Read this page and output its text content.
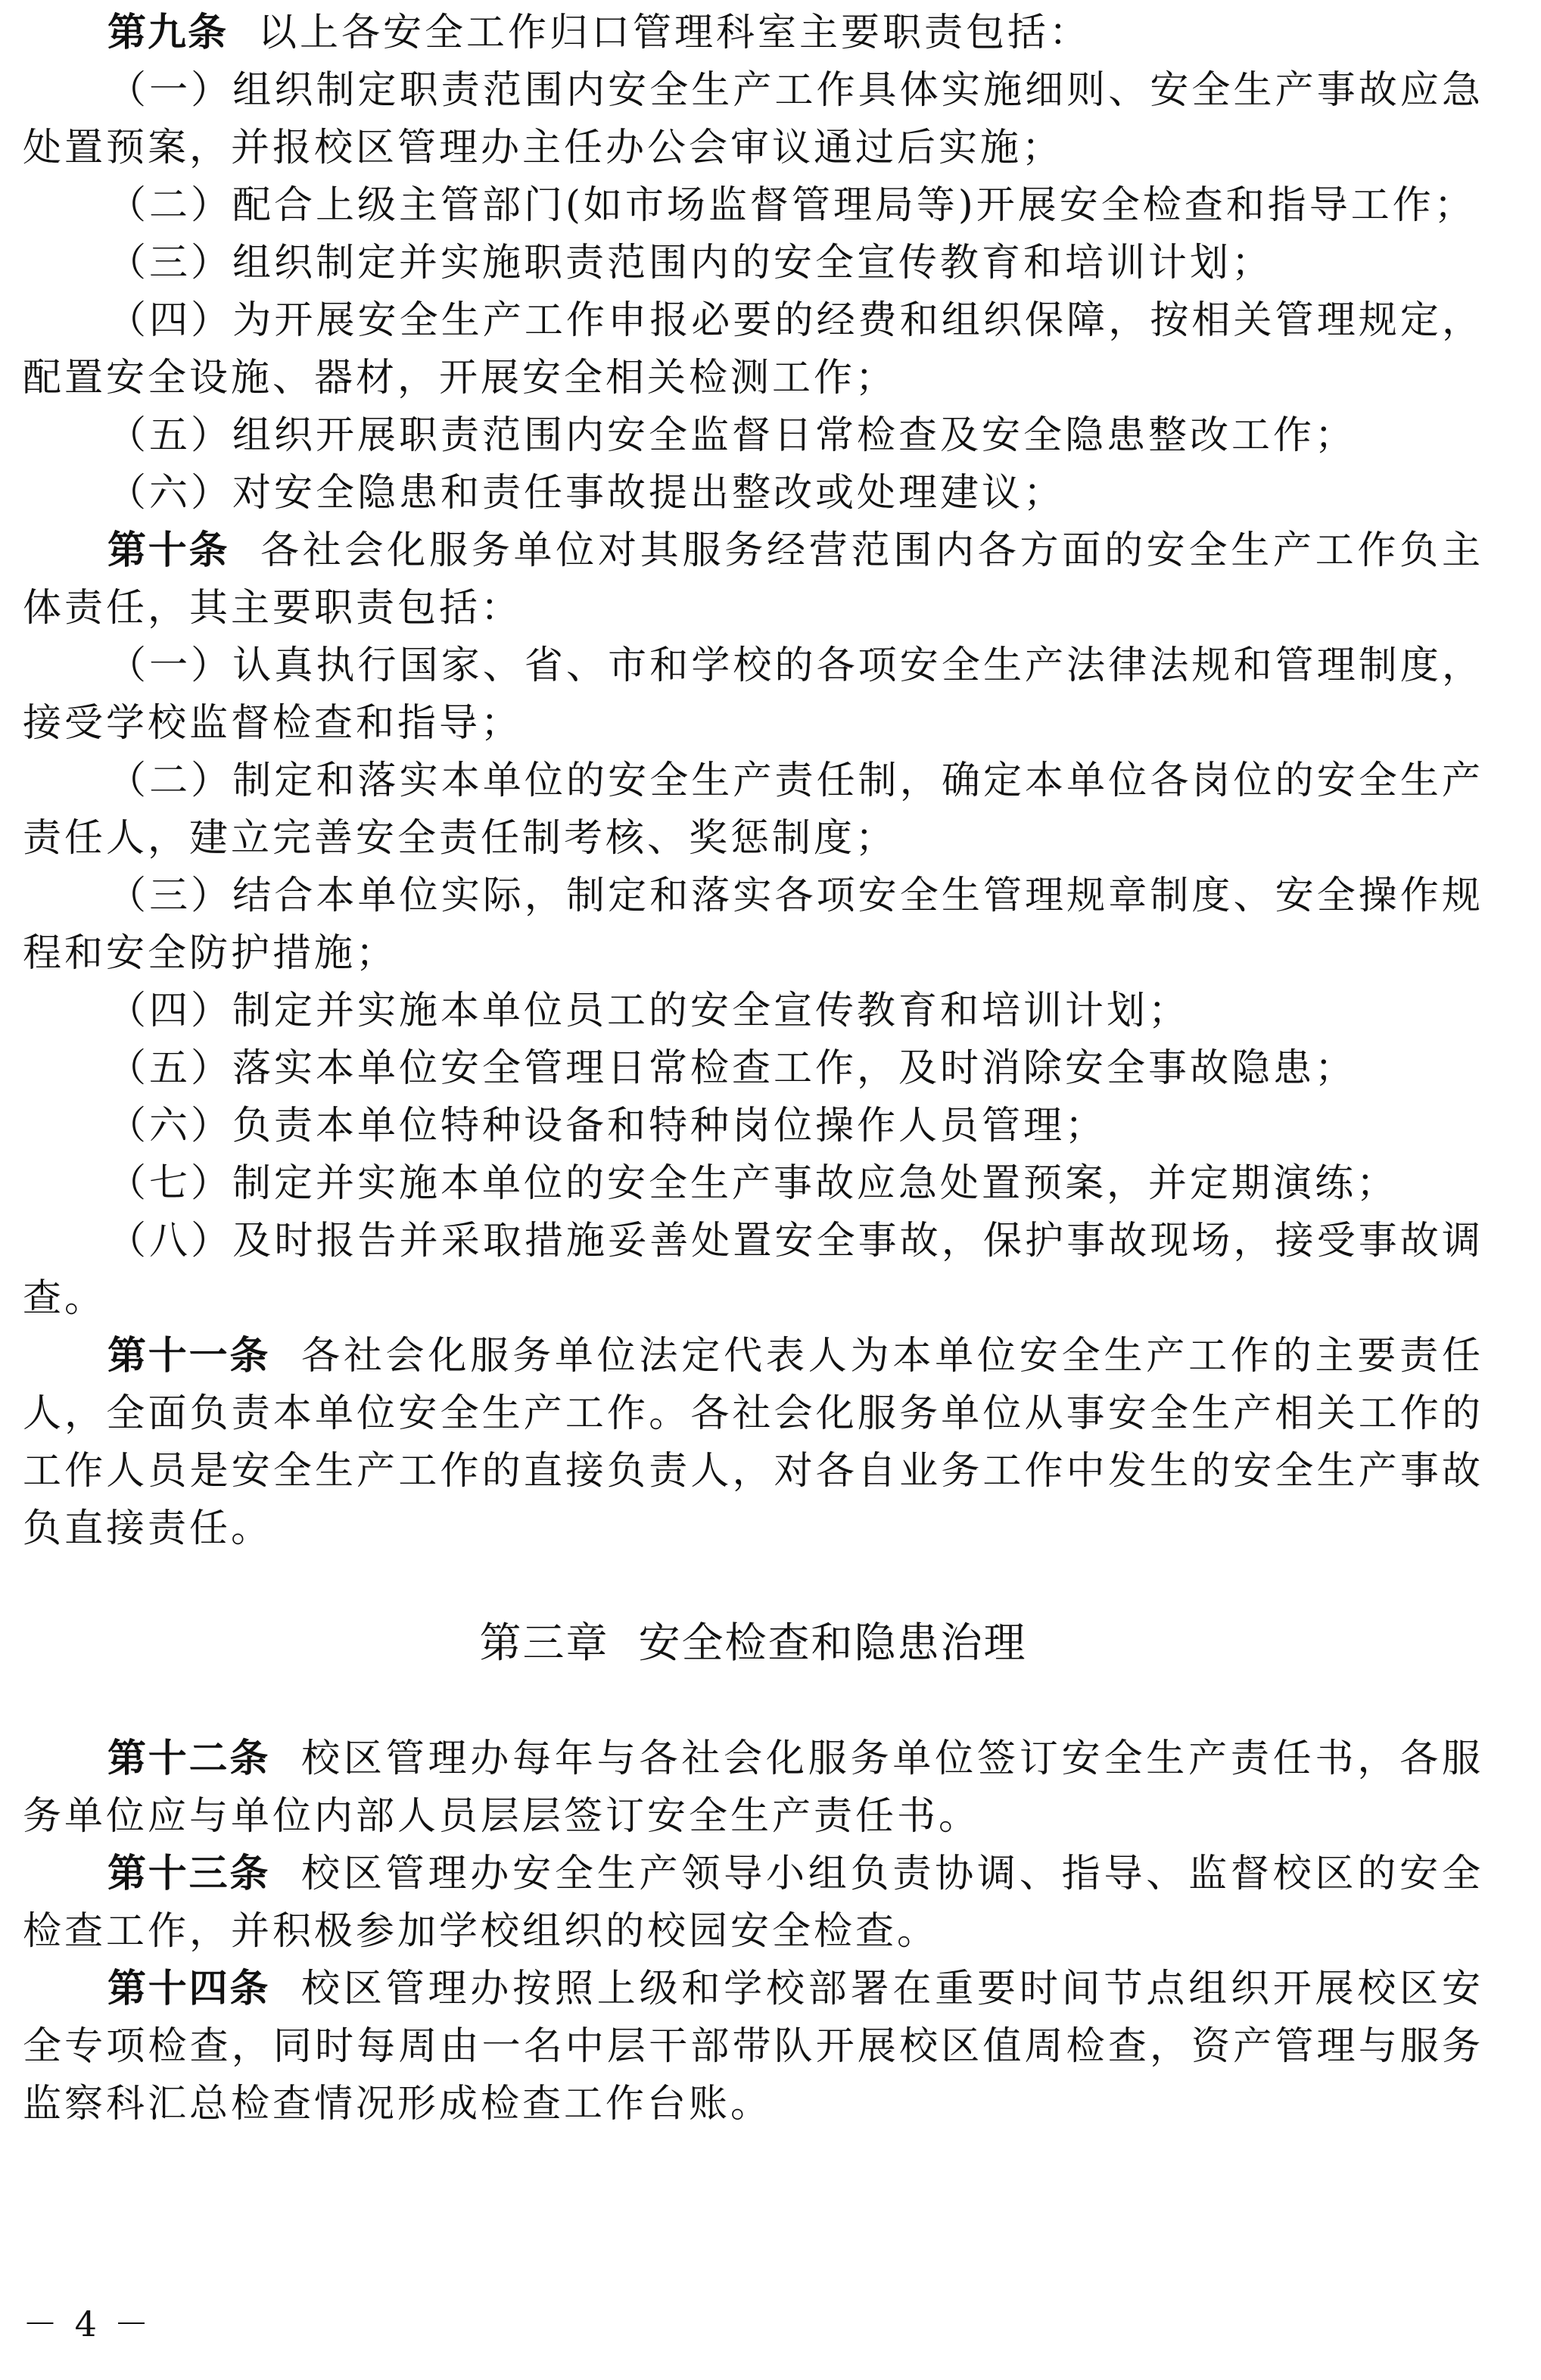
第九条 以上各安全工作归口管理科室主要职责包括：

（一）组织制定职责范围内安全生产工作具体实施细则、安全生产事故应急处置预案，并报校区管理办主任办公会审议通过后实施；

（二）配合上级主管部门(如市场监督管理局等)开展安全检查和指导工作；

（三）组织制定并实施职责范围内的安全宣传教育和培训计划；

（四）为开展安全生产工作申报必要的经费和组织保障，按相关管理规定，配置安全设施、器材，开展安全相关检测工作；

（五）组织开展职责范围内安全监督日常检查及安全隐患整改工作；

（六）对安全隐患和责任事故提出整改或处理建议；

第十条 各社会化服务单位对其服务经营范围内各方面的安全生产工作负主体责任，其主要职责包括：

（一）认真执行国家、省、市和学校的各项安全生产法律法规和管理制度，接受学校监督检查和指导；

（二）制定和落实本单位的安全生产责任制，确定本单位各岗位的安全生产责任人，建立完善安全责任制考核、奖惩制度；

（三）结合本单位实际，制定和落实各项安全生管理规章制度、安全操作规程和安全防护措施；

（四）制定并实施本单位员工的安全宣传教育和培训计划；

（五）落实本单位安全管理日常检查工作，及时消除安全事故隐患；

（六）负责本单位特种设备和特种岗位操作人员管理；

（七）制定并实施本单位的安全生产事故应急处置预案，并定期演练；

（八）及时报告并采取措施妥善处置安全事故，保护事故现场，接受事故调查。

第十一条 各社会化服务单位法定代表人为本单位安全生产工作的主要责任人，全面负责本单位安全生产工作。各社会化服务单位从事安全生产相关工作的工作人员是安全生产工作的直接负责人，对各自业务工作中发生的安全生产事故负直接责任。

第三章  安全检查和隐患治理

第十二条 校区管理办每年与各社会化服务单位签订安全生产责任书，各服务单位应与单位内部人员层层签订安全生产责任书。

第十三条 校区管理办安全生产领导小组负责协调、指导、监督校区的安全检查工作，并积极参加学校组织的校园安全检查。

第十四条 校区管理办按照上级和学校部署在重要时间节点组织开展校区安全专项检查，同时每周由一名中层干部带队开展校区值周检查，资产管理与服务监察科汇总检查情况形成检查工作台账。

－ 4 －
